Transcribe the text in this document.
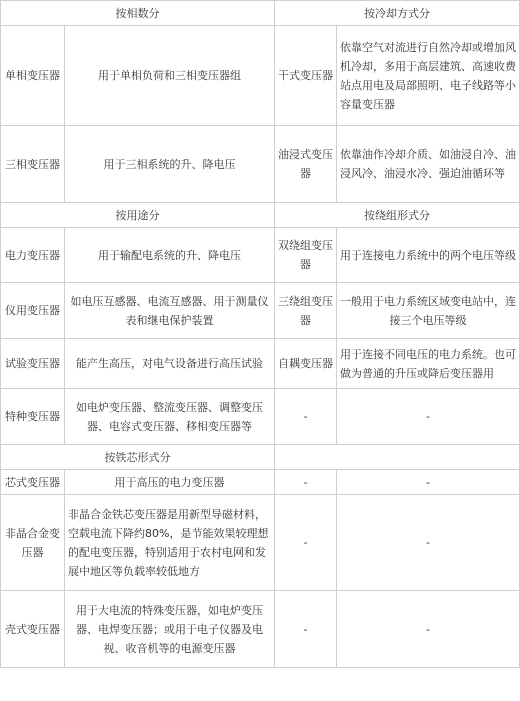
按相数分		按冷却方式分	
单相变压器	用于单相负荷和三相变压器组	干式变压器	依靠空气对流进行自然冷却或增加风机冷却，多用于高层建筑、高速收费站点用电及局部照明、电子线路等小容量变压器
三相变压器	用于三相系统的升、降电压	油浸式变压器	依靠油作冷却介质、如油浸自冷、油浸风冷、油浸水冷、强迫油循环等
按用途分		按绕组形式分	
电力变压器	用于输配电系统的升、降电压	双绕组变压器	用于连接电力系统中的两个电压等级
仪用变压器	如电压互感器、电流互感器、用于测量仪表和继电保护装置	三绕组变压器	一般用于电力系统区域变电站中，连接三个电压等级
试验变压器	能产生高压，对电气设备进行高压试验	自耦变压器	用于连接不同电压的电力系统。也可做为普通的升压或降后变压器用
特种变压器	如电炉变压器、整流变压器、调整变压器、电容式变压器、移相变压器等	-	-
按铁芯形式分			
芯式变压器	用于高压的电力变压器	-	-
非晶合金变压器	非晶合金铁芯变压器是用新型导磁材料，空载电流下降约80%，是节能效果较理想的配电变压器，特别适用于农村电网和发展中地区等负载率较低地方	-	-
壳式变压器	用于大电流的特殊变压器，如电炉变压器、电焊变压器；或用于电子仪器及电视、收音机等的电源变压器	-	-
